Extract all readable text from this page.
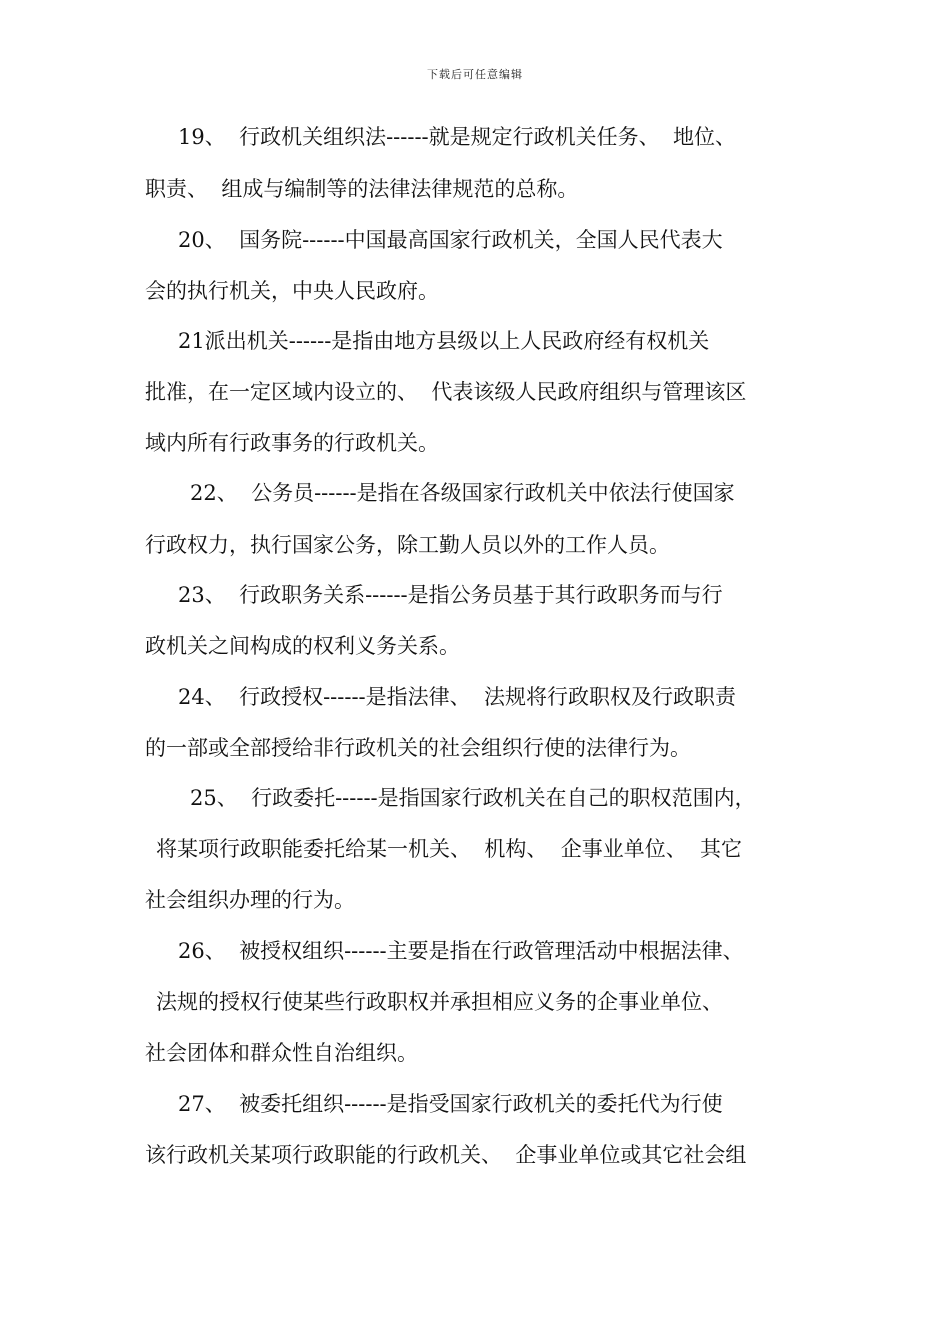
下载后可任意编辑
19、  行政机关组织法------就是规定行政机关任务、  地位、
职责、  组成与编制等的法律法律规范的总称。
20、  国务院------中国最高国家行政机关，全国人民代表大
会的执行机关，中央人民政府。
21派出机关------是指由地方县级以上人民政府经有权机关
批准，在一定区域内设立的、  代表该级人民政府组织与管理该区
域内所有行政事务的行政机关。
22、  公务员------是指在各级国家行政机关中依法行使国家
行政权力，执行国家公务，除工勤人员以外的工作人员。
23、  行政职务关系------是指公务员基于其行政职务而与行
政机关之间构成的权利义务关系。
24、  行政授权------是指法律、  法规将行政职权及行政职责
的一部或全部授给非行政机关的社会组织行使的法律行为。
25、  行政委托------是指国家行政机关在自己的职权范围内，
将某项行政职能委托给某一机关、  机构、  企事业单位、  其它
社会组织办理的行为。
26、  被授权组织------主要是指在行政管理活动中根据法律、
法规的授权行使某些行政职权并承担相应义务的企事业单位、
社会团体和群众性自治组织。
27、  被委托组织------是指受国家行政机关的委托代为行使
该行政机关某项行政职能的行政机关、  企事业单位或其它社会组
